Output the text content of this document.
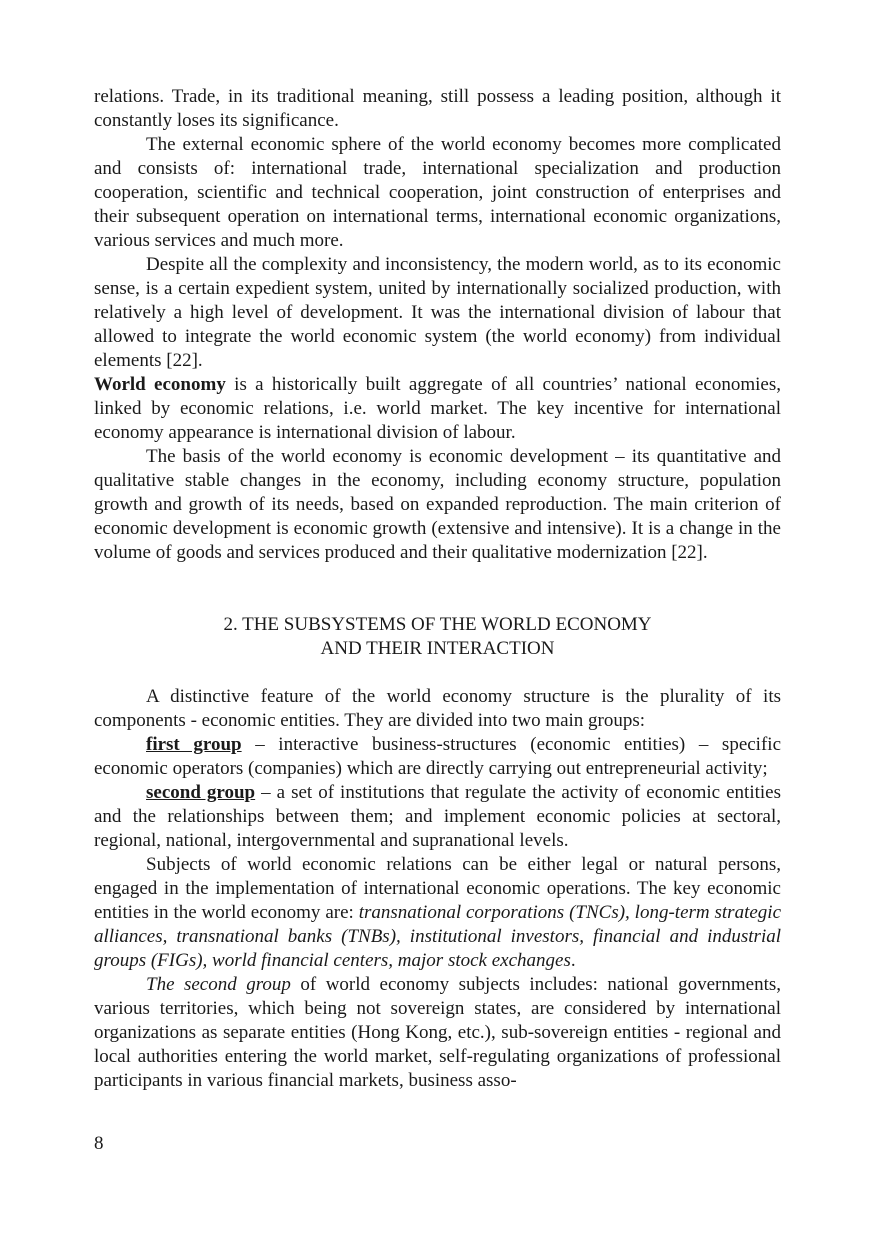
relations. Trade, in its traditional meaning, still possess a leading position, although it constantly loses its significance.

The external economic sphere of the world economy becomes more complicated and consists of: international trade, international specialization and production cooperation, scientific and technical cooperation, joint construction of enterprises and their subsequent operation on international terms, international economic organizations, various services and much more.

Despite all the complexity and inconsistency, the modern world, as to its economic sense, is a certain expedient system, united by internationally socialized production, with relatively a high level of development. It was the international division of labour that allowed to integrate the world economic system (the world economy) from individual elements [22].

World economy is a historically built aggregate of all countries’ national economies, linked by economic relations, i.e. world market. The key incentive for international economy appearance is international division of labour.

The basis of the world economy is economic development – its quantitative and qualitative stable changes in the economy, including economy structure, population growth and growth of its needs, based on expanded reproduction. The main criterion of economic development is economic growth (extensive and intensive). It is a change in the volume of goods and services produced and their qualitative modernization [22].

2. THE SUBSYSTEMS OF THE WORLD ECONOMY

AND THEIR INTERACTION

A distinctive feature of the world economy structure is the plurality of its components - economic entities. They are divided into two main groups:

first group – interactive business-structures (economic entities) – specific economic operators (companies) which are directly carrying out entrepreneurial activity;

second group – a set of institutions that regulate the activity of economic entities and the relationships between them; and implement economic policies at sectoral, regional, national, intergovernmental and supranational levels.

Subjects of world economic relations can be either legal or natural persons, engaged in the implementation of international economic operations. The key economic entities in the world economy are: transnational corporations (TNCs), long-term strategic alliances, transnational banks (TNBs), institutional investors, financial and industrial groups (FIGs), world financial centers, major stock exchanges.

The second group of world economy subjects includes: national governments, various territories, which being not sovereign states, are considered by international organizations as separate entities (Hong Kong, etc.), sub-sovereign entities - regional and local authorities entering the world market, self-regulating organizations of professional participants in various financial markets, business asso-

8
